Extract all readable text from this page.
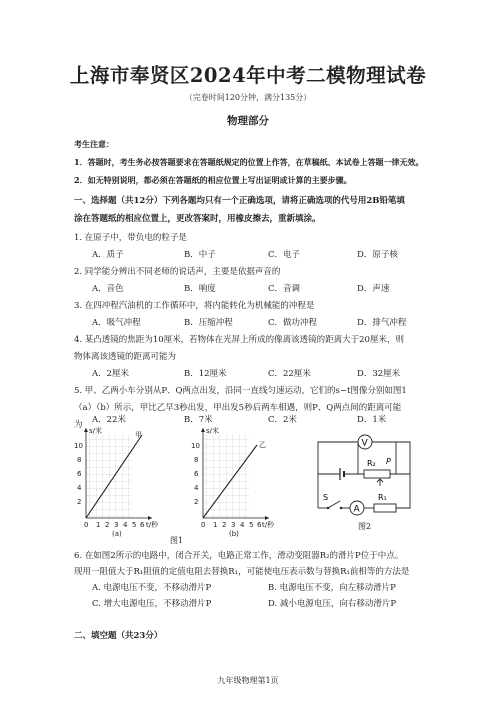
上海市奉贤区2024年中考二模物理试卷
（完卷时间120分钟，满分135分）
物理部分
考生注意：
1．答题时，考生务必按答题要求在答题纸规定的位置上作答，在草稿纸、本试卷上答题一律无效。
2．如无特别说明，都必须在答题纸的相应位置上写出证明或计算的主要步骤。
一、选择题（共12分）下列各题均只有一个正确选项，请将正确选项的代号用2B铅笔填
涂在答题纸的相应位置上，更改答案时，用橡皮擦去，重新填涂。
1. 在原子中，带负电的粒子是
A．质子	B．中子	C．电子	D．原子核
2. 同学能分辨出不同老师的说话声，主要是依据声音的
A．音色	B．响度	C．音调	D．声速
3. 在四冲程汽油机的工作循环中，将内能转化为机械能的冲程是
A．吸气冲程	B．压缩冲程	C．做功冲程	D．排气冲程
4. 某凸透镜的焦距为10厘米，若物体在光屏上所成的像离该透镜的距离大于20厘米，则
物体离该透镜的距离可能为
A．2厘米	B．12厘米	C．22厘米	D．32厘米
5. 甲、乙两小车分别从P、Q两点出发，沿同一直线匀速运动，它们的s−t图像分别如图1
（a）（b）所示，甲比乙早3秒出发，甲出发5秒后两车相遇，则P、Q两点间的距离可能
为 A．22米	B．7米	C．2米	D．1米
s/米
t/秒
甲
10
8
6
4
2
0 1 2 3 4 5 6
(a)
s/米
t/秒
乙
10
8
6
4
2
0 1 2 3 4 5 6
(b)
图1
V
R₂ P
S
A
R₁
图2
6. 在如图2所示的电路中，闭合开关，电路正常工作，滑动变阻器R₂的滑片P位于中点。
现用一阻值大于R₁阻值的定值电阻去替换R₁，可能使电压表示数与替换R₁前相等的方法是
A. 电源电压不变，不移动滑片P	B. 电源电压不变，向左移动滑片P
C. 增大电源电压，不移动滑片P	D. 减小电源电压，向右移动滑片P
二、填空题（共23分）
九年级物理第1页
